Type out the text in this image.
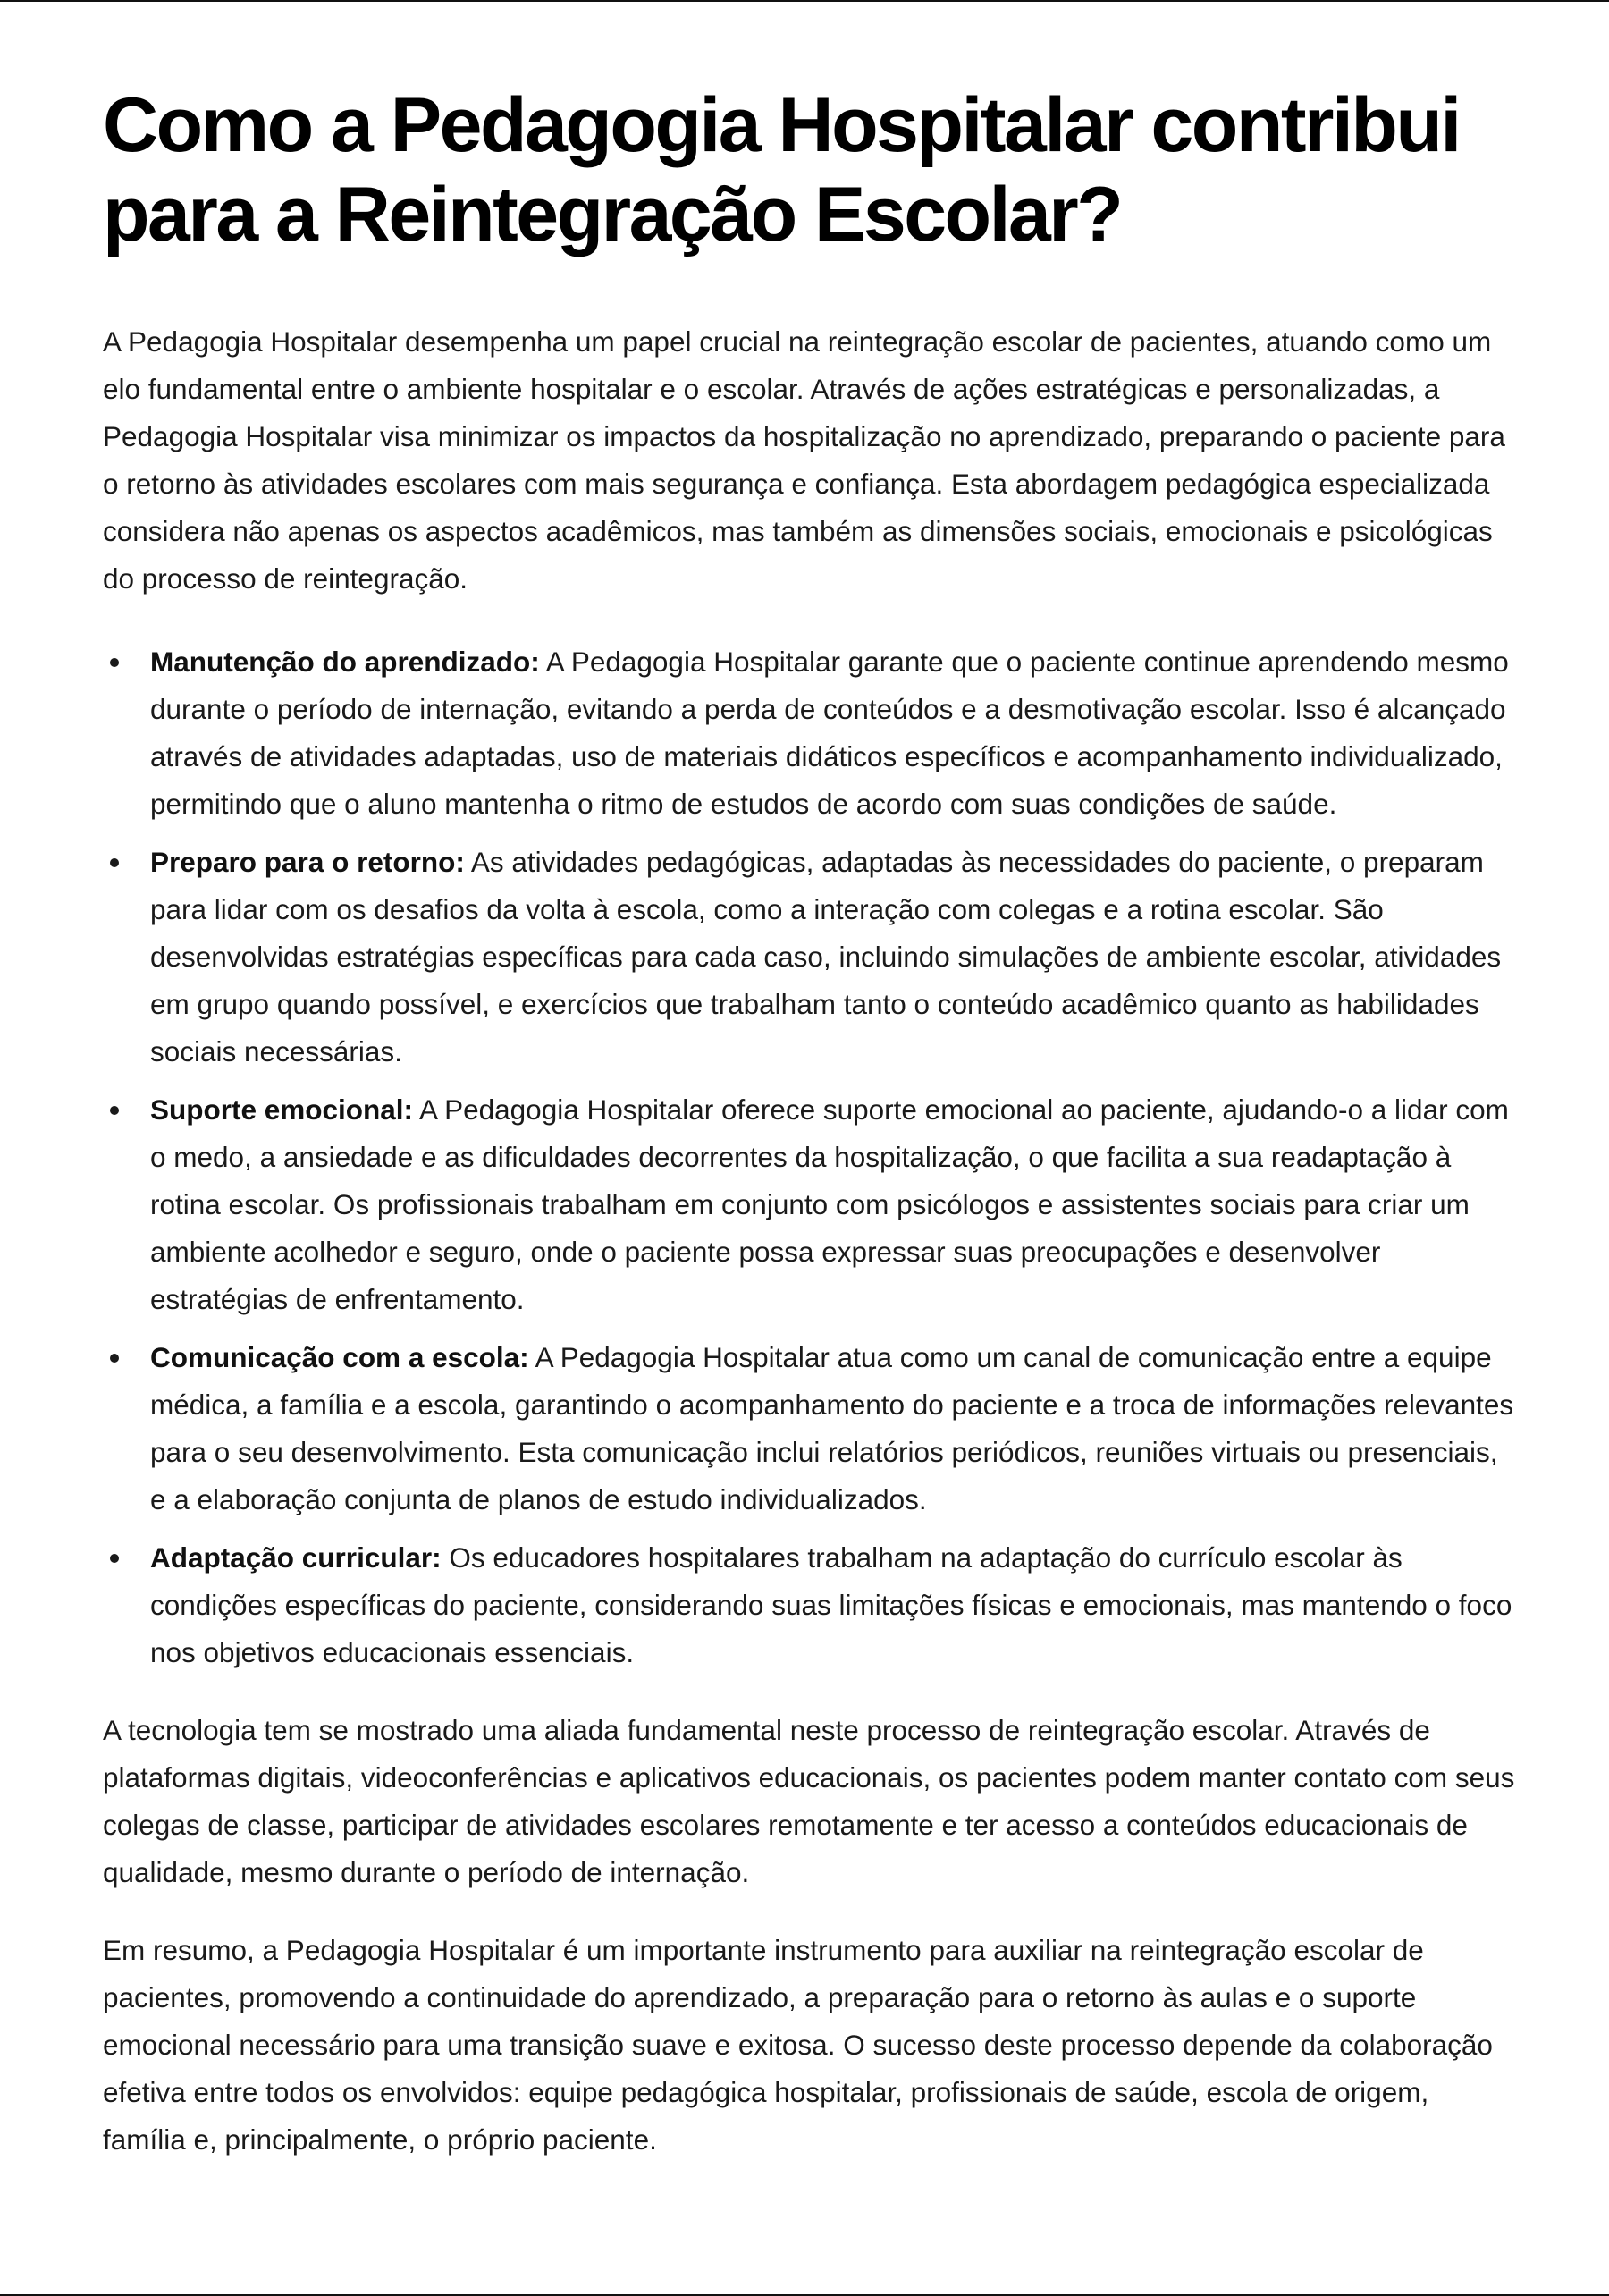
Como a Pedagogia Hospitalar contribui para a Reintegração Escolar?

A Pedagogia Hospitalar desempenha um papel crucial na reintegração escolar de pacientes, atuando como um elo fundamental entre o ambiente hospitalar e o escolar. Através de ações estratégicas e personalizadas, a Pedagogia Hospitalar visa minimizar os impactos da hospitalização no aprendizado, preparando o paciente para o retorno às atividades escolares com mais segurança e confiança. Esta abordagem pedagógica especializada considera não apenas os aspectos acadêmicos, mas também as dimensões sociais, emocionais e psicológicas do processo de reintegração.

Manutenção do aprendizado: A Pedagogia Hospitalar garante que o paciente continue aprendendo mesmo durante o período de internação, evitando a perda de conteúdos e a desmotivação escolar. Isso é alcançado através de atividades adaptadas, uso de materiais didáticos específicos e acompanhamento individualizado, permitindo que o aluno mantenha o ritmo de estudos de acordo com suas condições de saúde.
Preparo para o retorno: As atividades pedagógicas, adaptadas às necessidades do paciente, o preparam para lidar com os desafios da volta à escola, como a interação com colegas e a rotina escolar. São desenvolvidas estratégias específicas para cada caso, incluindo simulações de ambiente escolar, atividades em grupo quando possível, e exercícios que trabalham tanto o conteúdo acadêmico quanto as habilidades sociais necessárias.
Suporte emocional: A Pedagogia Hospitalar oferece suporte emocional ao paciente, ajudando-o a lidar com o medo, a ansiedade e as dificuldades decorrentes da hospitalização, o que facilita a sua readaptação à rotina escolar. Os profissionais trabalham em conjunto com psicólogos e assistentes sociais para criar um ambiente acolhedor e seguro, onde o paciente possa expressar suas preocupações e desenvolver estratégias de enfrentamento.
Comunicação com a escola: A Pedagogia Hospitalar atua como um canal de comunicação entre a equipe médica, a família e a escola, garantindo o acompanhamento do paciente e a troca de informações relevantes para o seu desenvolvimento. Esta comunicação inclui relatórios periódicos, reuniões virtuais ou presenciais, e a elaboração conjunta de planos de estudo individualizados.
Adaptação curricular: Os educadores hospitalares trabalham na adaptação do currículo escolar às condições específicas do paciente, considerando suas limitações físicas e emocionais, mas mantendo o foco nos objetivos educacionais essenciais.

A tecnologia tem se mostrado uma aliada fundamental neste processo de reintegração escolar. Através de plataformas digitais, videoconferências e aplicativos educacionais, os pacientes podem manter contato com seus colegas de classe, participar de atividades escolares remotamente e ter acesso a conteúdos educacionais de qualidade, mesmo durante o período de internação.

Em resumo, a Pedagogia Hospitalar é um importante instrumento para auxiliar na reintegração escolar de pacientes, promovendo a continuidade do aprendizado, a preparação para o retorno às aulas e o suporte emocional necessário para uma transição suave e exitosa. O sucesso deste processo depende da colaboração efetiva entre todos os envolvidos: equipe pedagógica hospitalar, profissionais de saúde, escola de origem, família e, principalmente, o próprio paciente.
